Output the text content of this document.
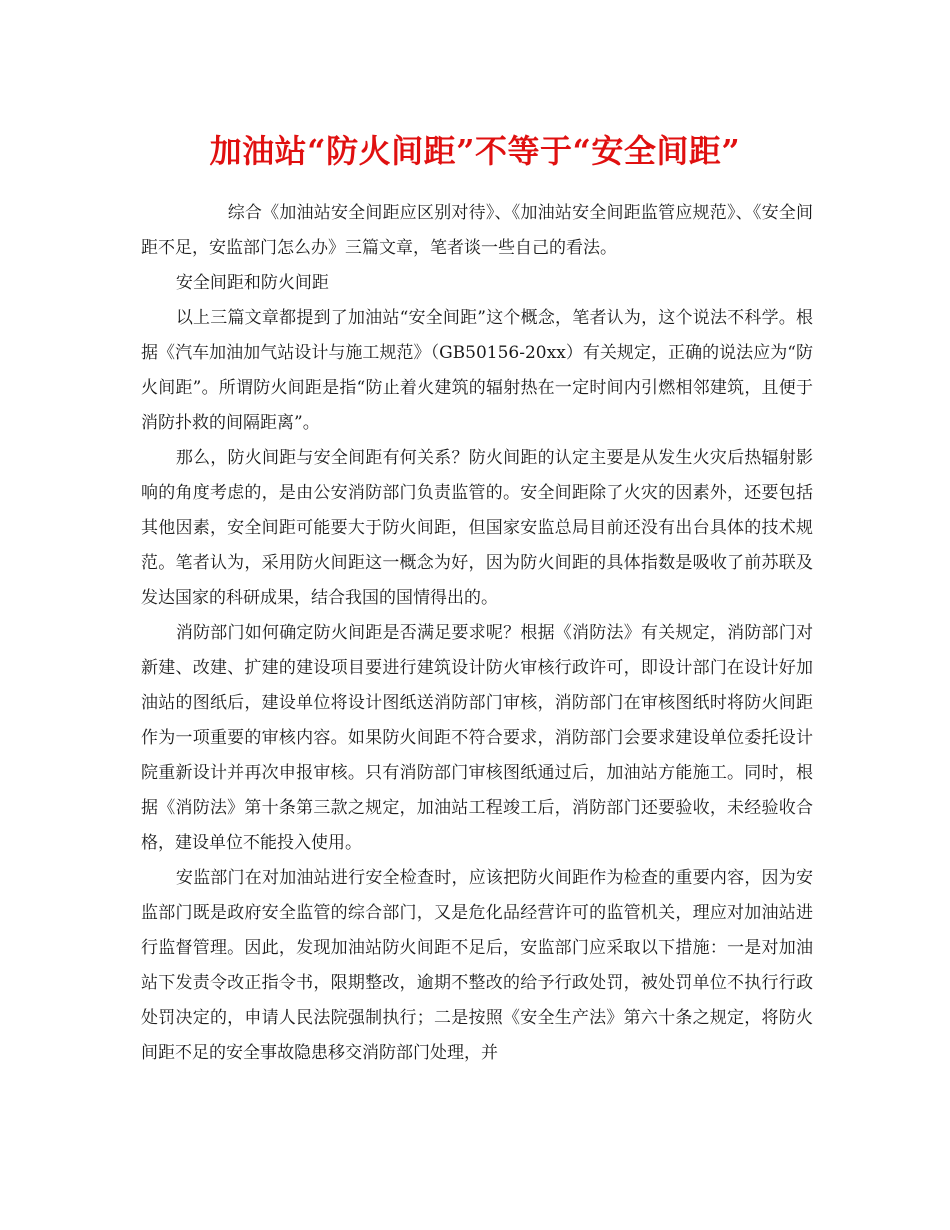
加油站“防火间距”不等于“安全间距”

综合《加油站安全间距应区别对待》、《加油站安全间距监管应规范》、《安全间距不足，安监部门怎么办》三篇文章，笔者谈一些自己的看法。

安全间距和防火间距

以上三篇文章都提到了加油站“安全间距”这个概念，笔者认为，这个说法不科学。根据《汽车加油加气站设计与施工规范》（GB50156-20xx）有关规定，正确的说法应为“防火间距”。所谓防火间距是指“防止着火建筑的辐射热在一定时间内引燃相邻建筑，且便于消防扑救的间隔距离”。

那么，防火间距与安全间距有何关系？防火间距的认定主要是从发生火灾后热辐射影响的角度考虑的，是由公安消防部门负责监管的。安全间距除了火灾的因素外，还要包括其他因素，安全间距可能要大于防火间距，但国家安监总局目前还没有出台具体的技术规范。笔者认为，采用防火间距这一概念为好，因为防火间距的具体指数是吸收了前苏联及发达国家的科研成果，结合我国的国情得出的。

消防部门如何确定防火间距是否满足要求呢？根据《消防法》有关规定，消防部门对新建、改建、扩建的建设项目要进行建筑设计防火审核行政许可，即设计部门在设计好加油站的图纸后，建设单位将设计图纸送消防部门审核，消防部门在审核图纸时将防火间距作为一项重要的审核内容。如果防火间距不符合要求，消防部门会要求建设单位委托设计院重新设计并再次申报审核。只有消防部门审核图纸通过后，加油站方能施工。同时，根据《消防法》第十条第三款之规定，加油站工程竣工后，消防部门还要验收，未经验收合格，建设单位不能投入使用。

安监部门在对加油站进行安全检查时，应该把防火间距作为检查的重要内容，因为安监部门既是政府安全监管的综合部门，又是危化品经营许可的监管机关，理应对加油站进行监督管理。因此，发现加油站防火间距不足后，安监部门应采取以下措施：一是对加油站下发责令改正指令书，限期整改，逾期不整改的给予行政处罚，被处罚单位不执行行政处罚决定的，申请人民法院强制执行；二是按照《安全生产法》第六十条之规定，将防火间距不足的安全事故隐患移交消防部门处理，并
